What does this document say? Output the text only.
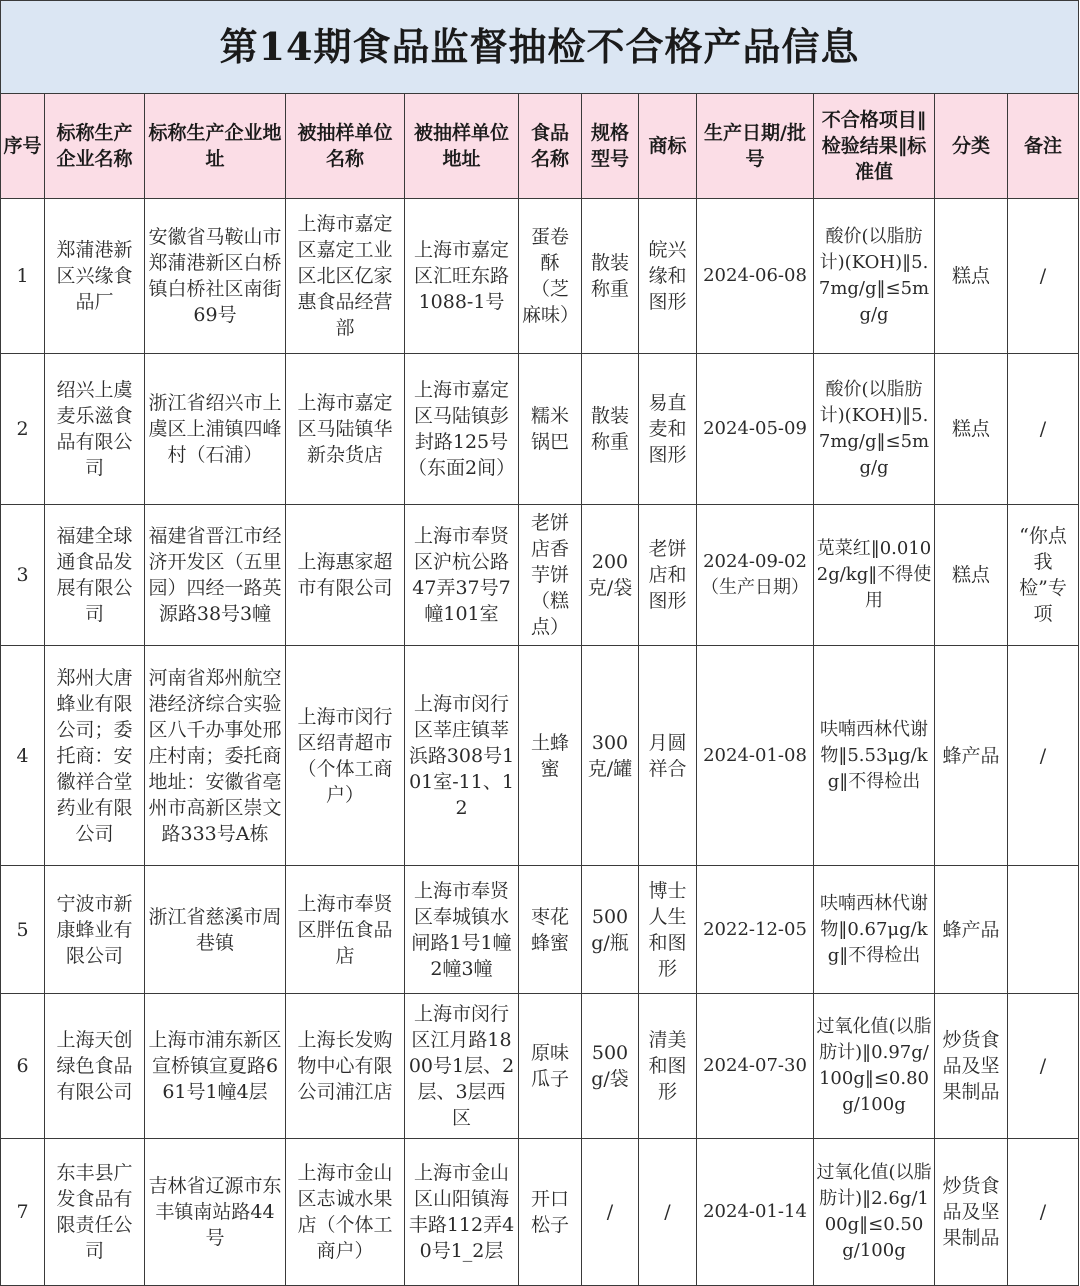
第14期食品监督抽检不合格产品信息											
序号	标称生产企业名称	标称生产企业地址	被抽样单位名称	被抽样单位地址	食品名称	规格型号	商标	生产日期/批号	不合格项目‖检验结果‖标准值	分类	备注
1	郑蒲港新区兴缘食品厂	安徽省马鞍山市郑蒲港新区白桥镇白桥社区南街69号	上海市嘉定区嘉定工业区北区亿家惠食品经营部	上海市嘉定区汇旺东路1088-1号	蛋卷酥（芝麻味）	散装称重	皖兴缘和图形	2024-06-08	酸价(以脂肪计)(KOH)‖5.7mg/g‖≤5mg/g	糕点	/
2	绍兴上虞麦乐滋食品有限公司	浙江省绍兴市上虞区上浦镇四峰村（石浦）	上海市嘉定区马陆镇华新杂货店	上海市嘉定区马陆镇彭封路125号（东面2间）	糯米锅巴	散装称重	易直麦和图形	2024-05-09	酸价(以脂肪计)(KOH)‖5.7mg/g‖≤5mg/g	糕点	/
3	福建全球通食品发展有限公司	福建省晋江市经济开发区（五里园）四经一路英源路38号3幢	上海惠家超市有限公司	上海市奉贤区沪杭公路47弄37号7幢101室	老饼店香芋饼（糕点）	200克/袋	老饼店和图形	2024-09-02（生产日期）	苋菜红‖0.0102g/kg‖不得使用	糕点	“你点我检”专项
4	郑州大唐蜂业有限公司；委托商：安徽祥合堂药业有限公司	河南省郑州航空港经济综合实验区八千办事处邢庄村南；委托商地址：安徽省亳州市高新区崇文路333号A栋	上海市闵行区绍青超市（个体工商户）	上海市闵行区莘庄镇莘浜路308号101室-11、12	土蜂蜜	300克/罐	月圆祥合	2024-01-08	呋喃西林代谢物‖5.53μg/kg‖不得检出	蜂产品	/
5	宁波市新康蜂业有限公司	浙江省慈溪市周巷镇	上海市奉贤区胖伍食品店	上海市奉贤区奉城镇水闸路1号1幢2幢3幢	枣花蜂蜜	500g/瓶	博士人生和图形	2022-12-05	呋喃西林代谢物‖0.67μg/kg‖不得检出	蜂产品	
6	上海天创绿色食品有限公司	上海市浦东新区宣桥镇宣夏路661号1幢4层	上海长发购物中心有限公司浦江店	上海市闵行区江月路1800号1层、2层、3层西区	原味瓜子	500g/袋	清美和图形	2024-07-30	过氧化值(以脂肪计)‖0.97g/100g‖≤0.80g/100g	炒货食品及坚果制品	/
7	东丰县广发食品有限责任公司	吉林省辽源市东丰镇南站路44号	上海市金山区志诚水果店（个体工商户）	上海市金山区山阳镇海丰路112弄40号1_2层	开口松子	/	/	2024-01-14	过氧化值(以脂肪计)‖2.6g/100g‖≤0.50g/100g	炒货食品及坚果制品	/
